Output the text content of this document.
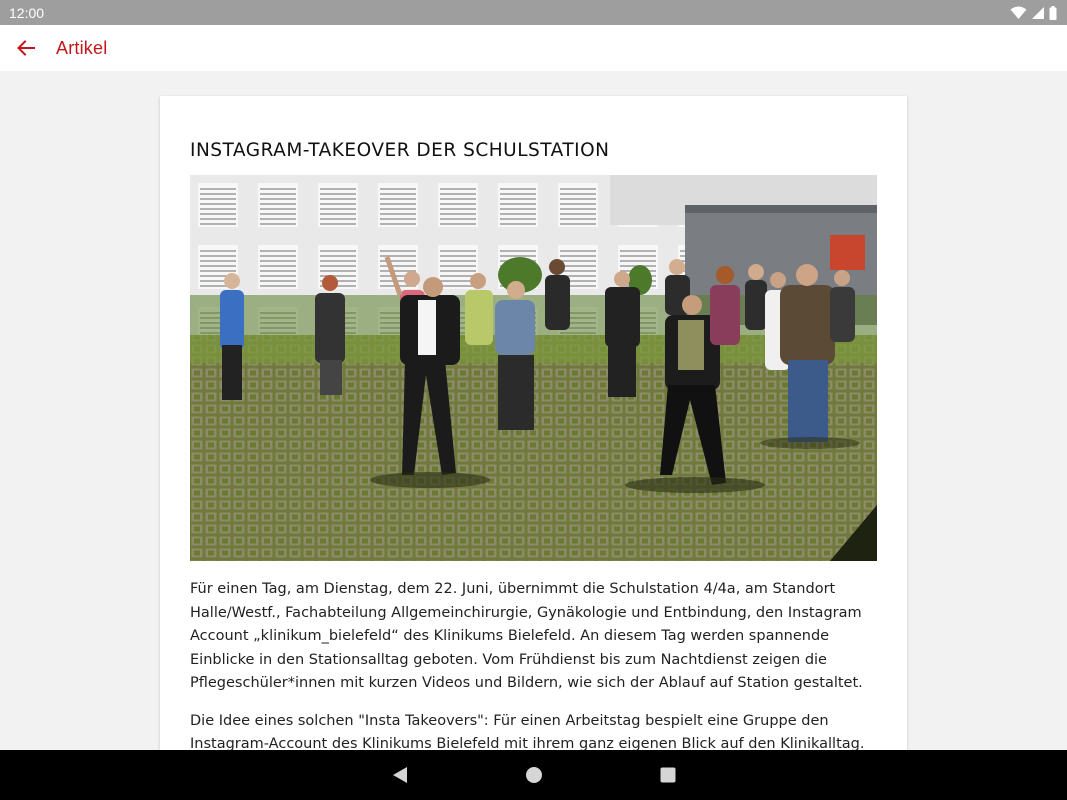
12:00
Artikel
INSTAGRAM-TAKEOVER DER SCHULSTATION

Für einen Tag, am Dienstag, dem 22. Juni, übernimmt die Schulstation 4/4a, am Standort Halle/Westf., Fachabteilung Allgemeinchirurgie, Gynäkologie und Entbindung, den Instagram Account „klinikum_bielefeld“ des Klinikums Bielefeld. An diesem Tag werden spannende Einblicke in den Stationsalltag geboten. Vom Frühdienst bis zum Nachtdienst zeigen die Pflegeschüler*innen mit kurzen Videos und Bildern, wie sich der Ablauf auf Station gestaltet.

Die Idee eines solchen "Insta Takeovers": Für einen Arbeitstag bespielt eine Gruppe den Instagram-Account des Klinikums Bielefeld mit ihrem ganz eigenen Blick auf den Klinikalltag.
